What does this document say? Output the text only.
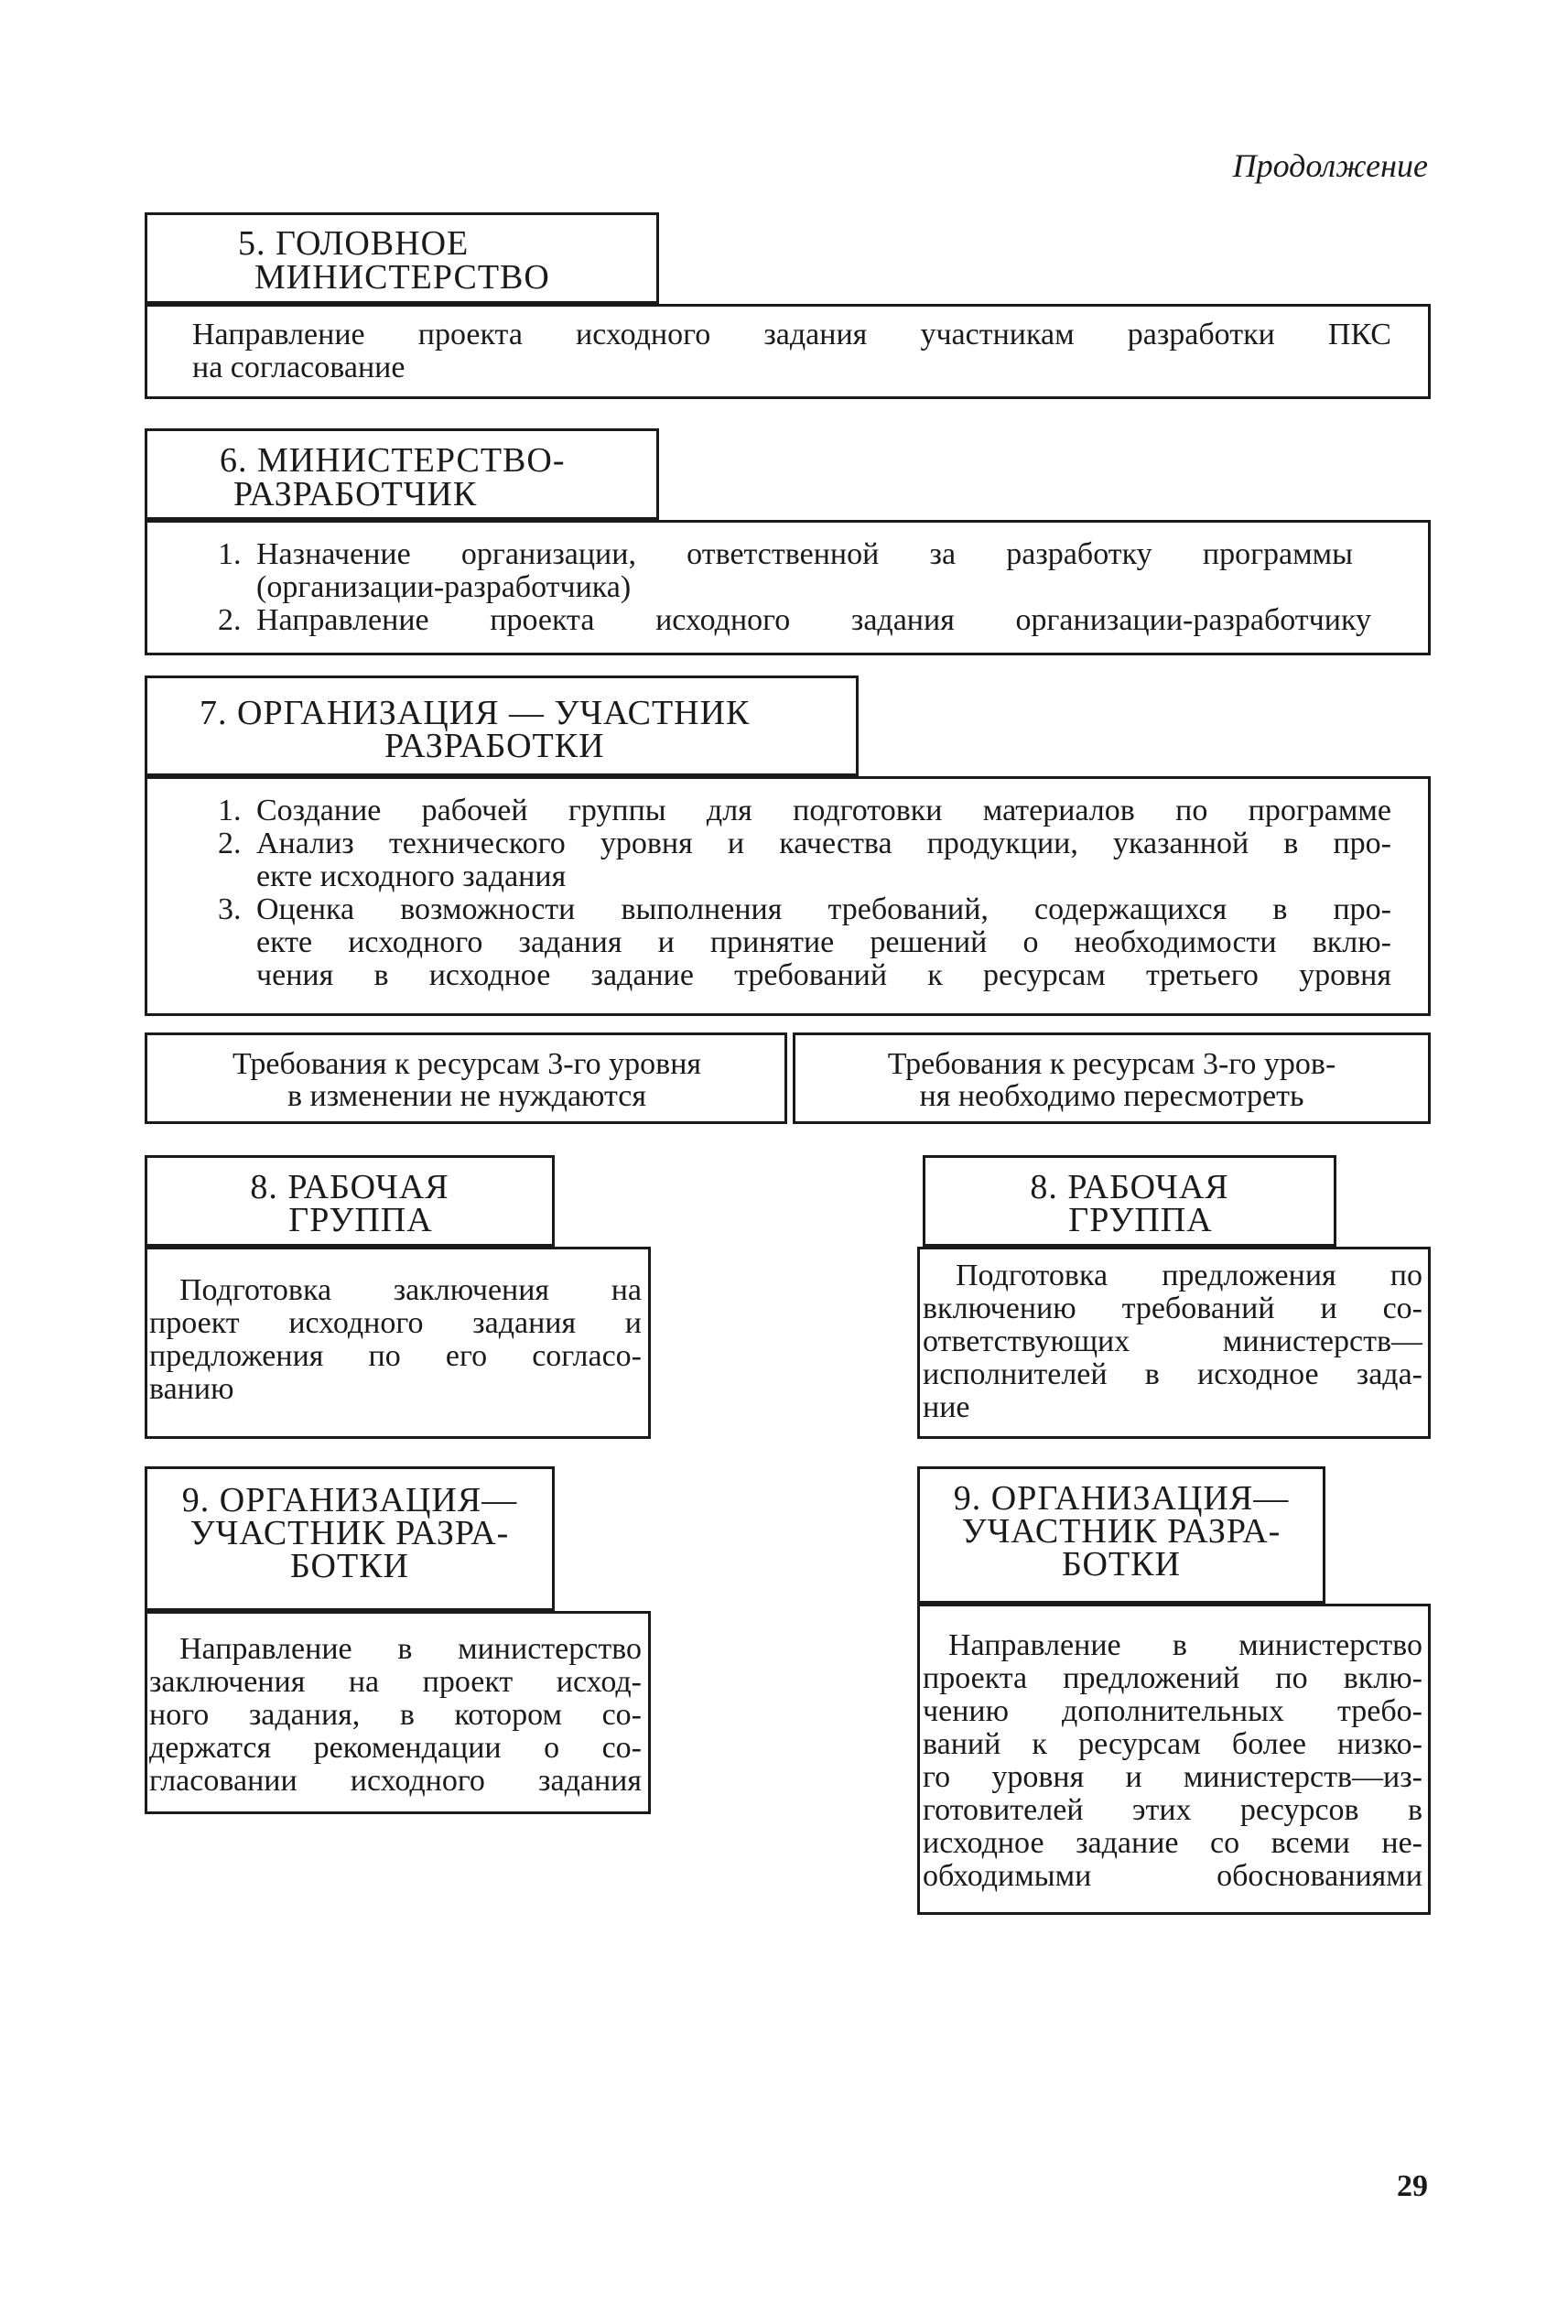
Продолжение
5. ГОЛОВНОЕ
МИНИСТЕРСТВО
Направление проекта исходного задания участникам разработки ПКС
на согласование
6. МИНИСТЕРСТВО-
РАЗРАБОТЧИК
1. Назначение организации, ответственной за разработку программы
(организации-разработчика)
2. Направление проекта исходного задания организации-разработчику
7. ОРГАНИЗАЦИЯ — УЧАСТНИК
РАЗРАБОТКИ
1. Создание рабочей группы для подготовки материалов по программе
2. Анализ технического уровня и качества продукции, указанной в про-
екте исходного задания
3. Оценка возможности выполнения требований, содержащихся в про-
екте исходного задания и принятие решений о необходимости вклю-
чения в исходное задание требований к ресурсам третьего уровня
Требования к ресурсам 3-го уровня
в изменении не нуждаются
Требования к ресурсам 3-го уров-
ня необходимо пересмотреть
8. РАБОЧАЯ
ГРУППА
Подготовка заключения на
проект исходного задания и
предложения по его согласо-
ванию
8. РАБОЧАЯ
ГРУППА
Подготовка предложения по
включению требований и со-
ответствующих министерств—
исполнителей в исходное зада-
ние
9. ОРГАНИЗАЦИЯ—
УЧАСТНИК РАЗРА-
БОТКИ
Направление в министерство
заключения на проект исход-
ного задания, в котором со-
держатся рекомендации о со-
гласовании исходного задания
9. ОРГАНИЗАЦИЯ—
УЧАСТНИК РАЗРА-
БОТКИ
Направление в министерство
проекта предложений по вклю-
чению дополнительных требо-
ваний к ресурсам более низко-
го уровня и министерств—из-
готовителей этих ресурсов в
исходное задание со всеми не-
обходимыми обоснованиями
29
